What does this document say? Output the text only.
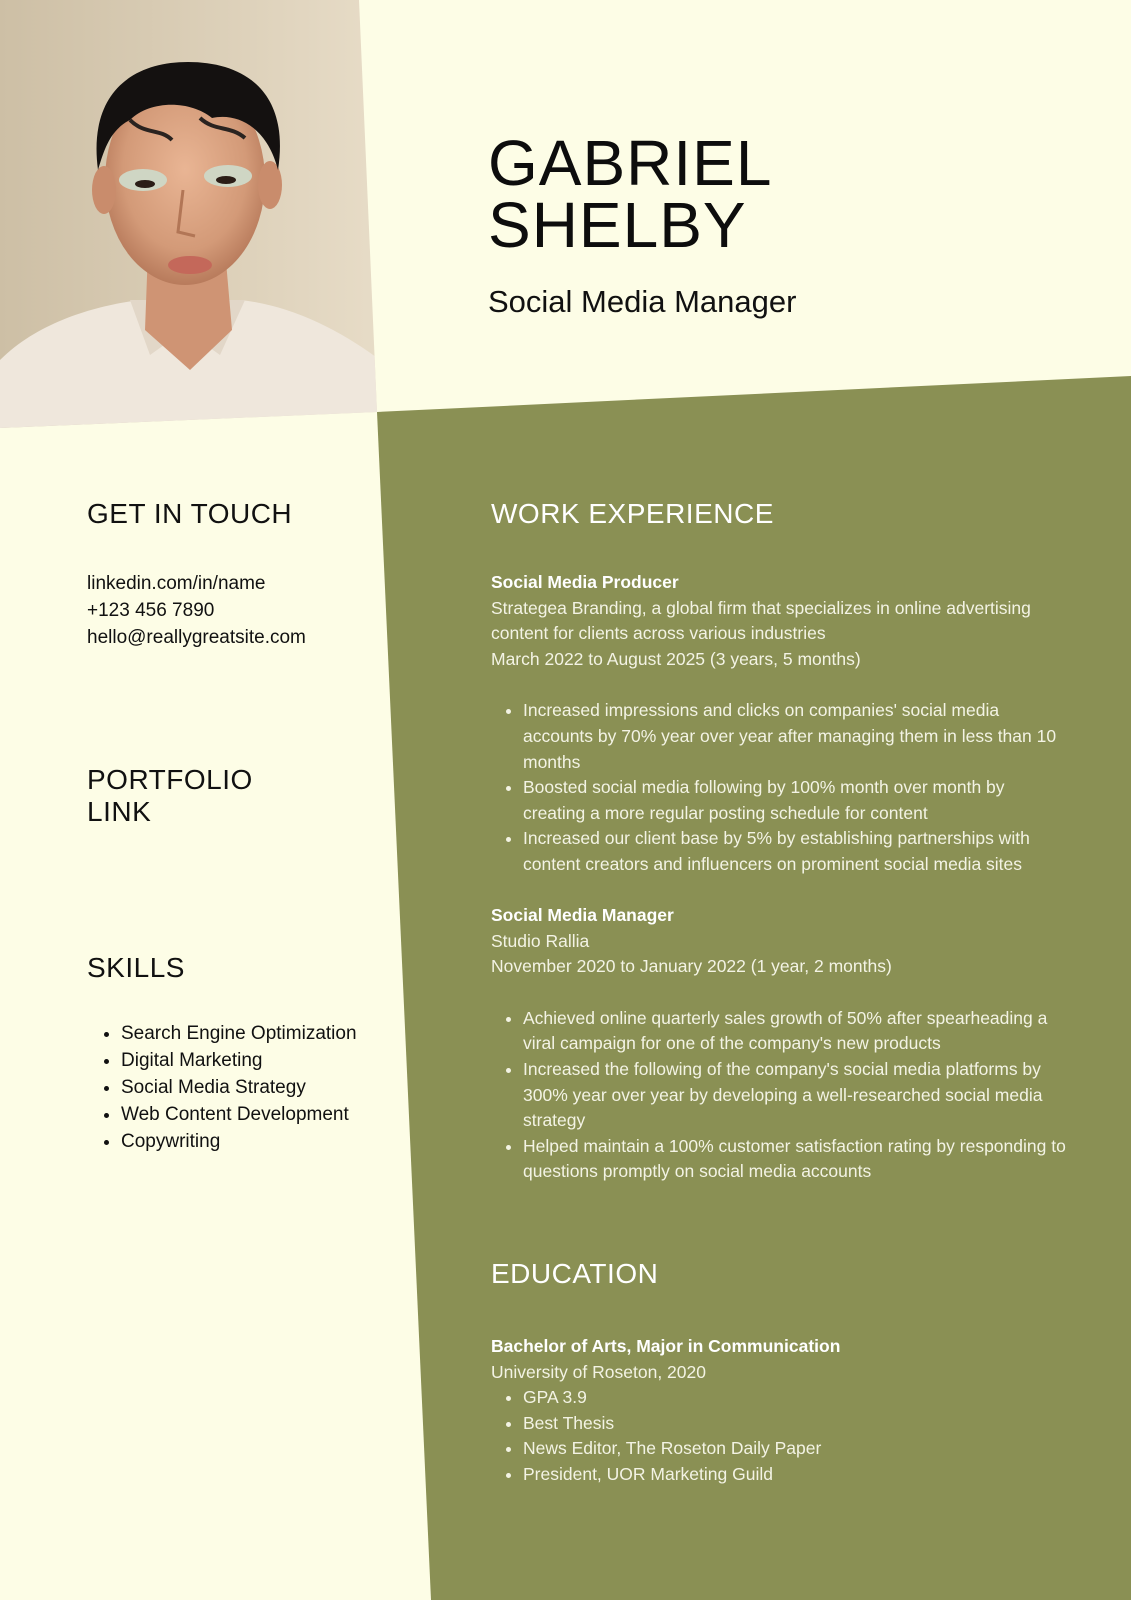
GABRIEL
SHELBY
Social Media Manager
GET IN TOUCH
linkedin.com/in/name
+123 456 7890
hello@reallygreatsite.com
PORTFOLIO
LINK
SKILLS
• Search Engine Optimization
• Digital Marketing
• Social Media Strategy
• Web Content Development
• Copywriting
WORK EXPERIENCE
Social Media Producer
Strategea Branding, a global firm that specializes in online advertising content for clients across various industries
March 2022 to August 2025 (3 years, 5 months)
• Increased impressions and clicks on companies' social media accounts by 70% year over year after managing them in less than 10 months
• Boosted social media following by 100% month over month by creating a more regular posting schedule for content
• Increased our client base by 5% by establishing partnerships with content creators and influencers on prominent social media sites
Social Media Manager
Studio Rallia
November 2020 to January 2022 (1 year, 2 months)
• Achieved online quarterly sales growth of 50% after spearheading a viral campaign for one of the company's new products
• Increased the following of the company's social media platforms by 300% year over year by developing a well-researched social media strategy
• Helped maintain a 100% customer satisfaction rating by responding to questions promptly on social media accounts
EDUCATION
Bachelor of Arts, Major in Communication
University of Roseton, 2020
• GPA 3.9
• Best Thesis
• News Editor, The Roseton Daily Paper
• President, UOR Marketing Guild
